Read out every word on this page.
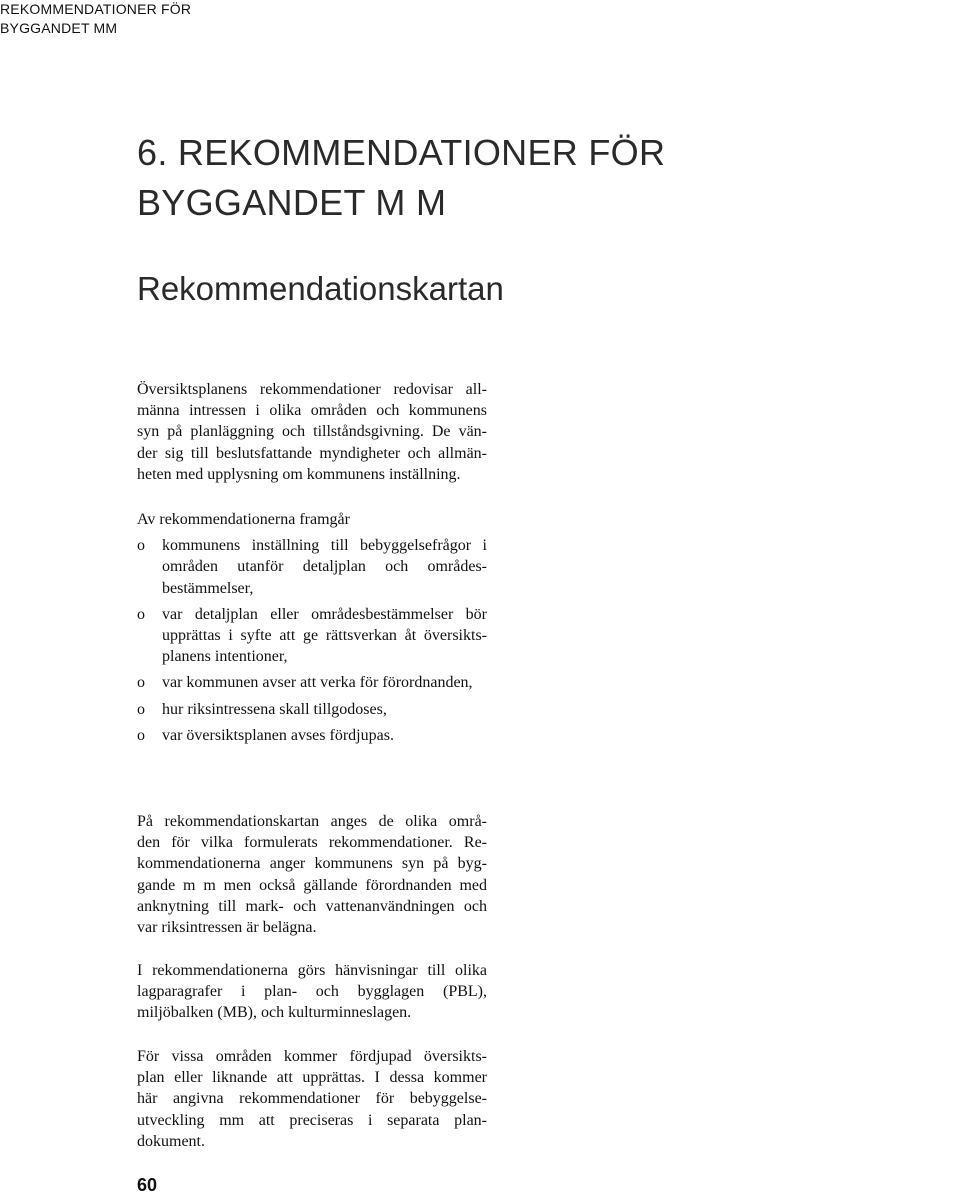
REKOMMENDATIONER FÖR
BYGGANDET MM
6. REKOMMENDATIONER FÖR
BYGGANDET M M
Rekommendationskartan
Översiktsplanens rekommendationer redovisar all-
männa intressen i olika områden och kommunens
syn på planläggning och tillståndsgivning. De vän-
der sig till beslutsfattande myndigheter och allmän-
heten med upplysning om kommunens inställning.
Av rekommendationerna framgår
o kommunens inställning till bebyggelsefrågor i
områden utanför detaljplan och områdes-
bestämmelser,
o var detaljplan eller områdesbestämmelser bör
upprättas i syfte att ge rättsverkan åt översikts-
planens intentioner,
o var kommunen avser att verka för förordnanden,
o hur riksintressena skall tillgodoses,
o var översiktsplanen avses fördjupas.
På rekommendationskartan anges de olika områ-
den för vilka formulerats rekommendationer. Re-
kommendationerna anger kommunens syn på byg-
gande m m men också gällande förordnanden med
anknytning till mark- och vattenanvändningen och
var riksintressen är belägna.
I rekommendationerna görs hänvisningar till olika
lagparagrafer i plan- och bygglagen (PBL),
miljöbalken (MB), och kulturminneslagen.
För vissa områden kommer fördjupad översikts-
plan eller liknande att upprättas. I dessa kommer
här angivna rekommendationer för bebyggelse-
utveckling mm att preciseras i separata plan-
dokument.
60
